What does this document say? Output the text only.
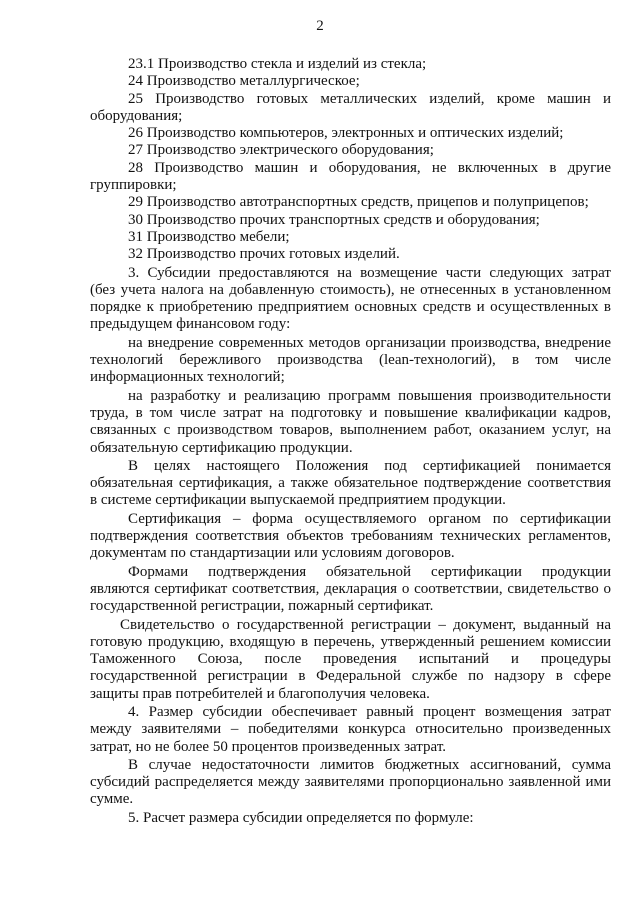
2
23.1 Производство стекла и изделий из стекла;
24 Производство металлургическое;
25 Производство готовых металлических изделий, кроме машин и
оборудования;
26 Производство компьютеров, электронных и оптических изделий;
27 Производство электрического оборудования;
28 Производство машин и оборудования, не включенных в другие
группировки;
29 Производство автотранспортных средств, прицепов и полуприцепов;
30 Производство прочих транспортных средств и оборудования;
31 Производство мебели;
32 Производство прочих готовых изделий.
3. Субсидии предоставляются на возмещение части следующих затрат
(без учета налога на добавленную стоимость), не отнесенных в установленном
порядке к приобретению предприятием основных средств и осуществленных в
предыдущем финансовом году:
на внедрение современных методов организации производства, внедрение
технологий бережливого производства (lean-технологий), в том числе
информационных технологий;
на разработку и реализацию программ повышения производительности
труда, в том числе затрат на подготовку и повышение квалификации кадров,
связанных с производством товаров, выполнением работ, оказанием услуг, на
обязательную сертификацию продукции.
В целях настоящего Положения под сертификацией понимается
обязательная сертификация, а также обязательное подтверждение соответствия
в системе сертификации выпускаемой предприятием продукции.
Сертификация – форма осуществляемого органом по сертификации
подтверждения соответствия объектов требованиям технических регламентов,
документам по стандартизации или условиям договоров.
Формами подтверждения обязательной сертификации продукции
являются сертификат соответствия, декларация о соответствии, свидетельство о
государственной регистрации, пожарный сертификат.
Свидетельство о государственной регистрации – документ, выданный на
готовую продукцию, входящую в перечень, утвержденный решением комиссии
Таможенного Союза, после проведения испытаний и процедуры
государственной регистрации в Федеральной службе по надзору в сфере
защиты прав потребителей и благополучия человека.
4. Размер субсидии обеспечивает равный процент возмещения затрат
между заявителями – победителями конкурса относительно произведенных
затрат, но не более 50 процентов произведенных затрат.
В случае недостаточности лимитов бюджетных ассигнований, сумма
субсидий распределяется между заявителями пропорционально заявленной ими
сумме.
5. Расчет размера субсидии определяется по формуле:
